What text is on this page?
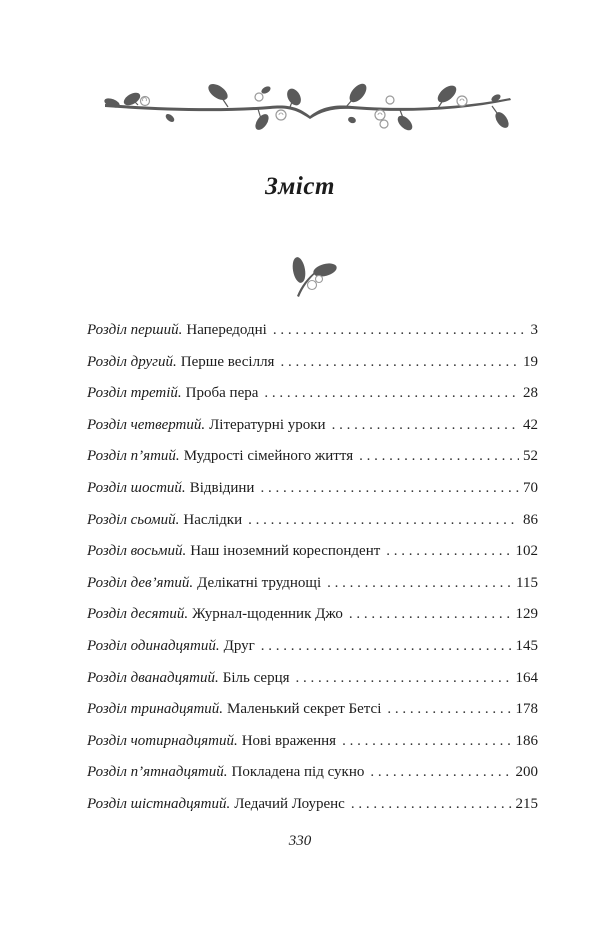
Зміст
Розділ перший. Напередодні . . .	3
Розділ другий. Перше весілля . . .	19
Розділ третій. Проба пера . . .	28
Розділ четвертий. Літературні уроки . . .	42
Розділ п’ятий. Мудрості сімейного життя . . .	52
Розділ шостий. Відвідини . . .	70
Розділ сьомий. Наслідки . . .	86
Розділ восьмий. Наш іноземний кореспондент . . .	102
Розділ дев’ятий. Делікатні труднощі . . .	115
Розділ десятий. Журнал-щоденник Джо . . .	129
Розділ одинадцятий. Друг . . .	145
Розділ дванадцятий. Біль серця . . .	164
Розділ тринадцятий. Маленький секрет Бетсі . . .	178
Розділ чотирнадцятий. Нові враження . . .	186
Розділ п’ятнадцятий. Покладена під сукно . . .	200
Розділ шістнадцятий. Ледачий Лоуренс . . .	215
330
